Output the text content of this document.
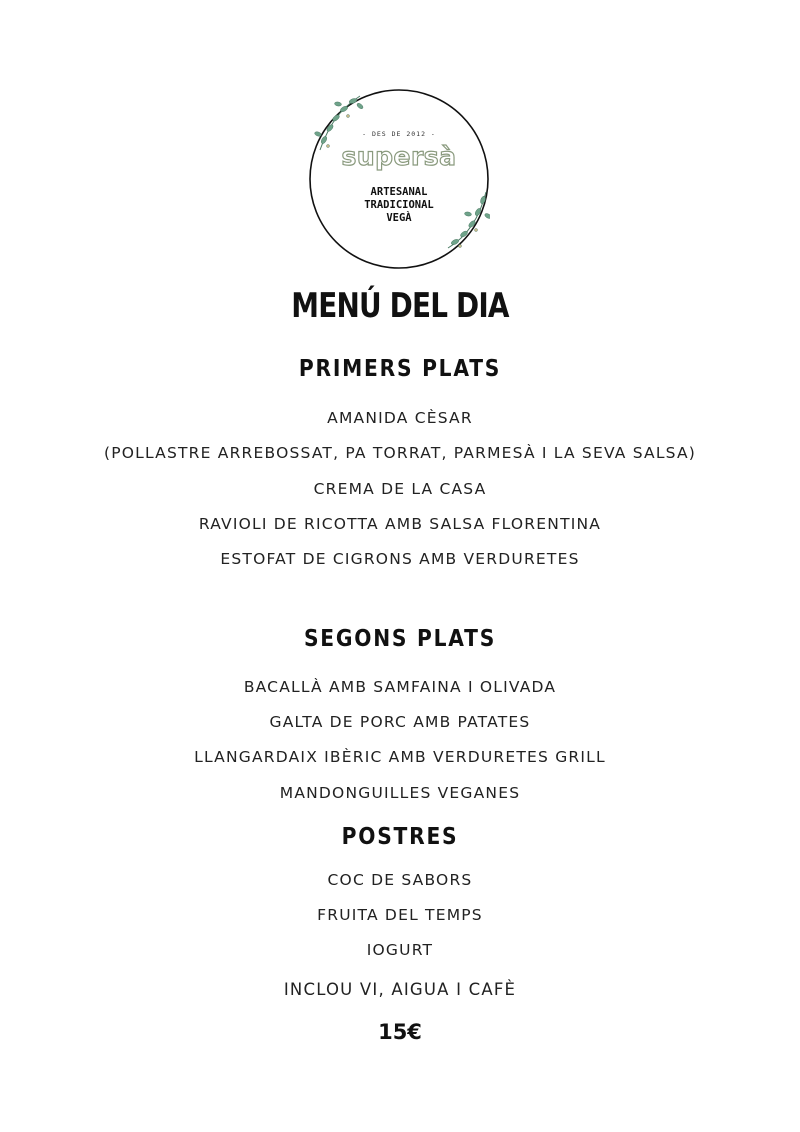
- DES DE 2012 -
supersà
ARTESANAL
TRADICIONAL
VEGÀ
MENÚ DEL DIA
PRIMERS PLATS
AMANIDA CÈSAR
(POLLASTRE ARREBOSSAT, PA TORRAT, PARMESÀ I LA SEVA SALSA)
CREMA DE LA CASA
RAVIOLI DE RICOTTA AMB SALSA FLORENTINA
ESTOFAT DE CIGRONS AMB VERDURETES
SEGONS PLATS
BACALLÀ AMB SAMFAINA I OLIVADA
GALTA DE PORC AMB PATATES
LLANGARDAIX IBÈRIC AMB VERDURETES GRILL
MANDONGUILLES VEGANES
POSTRES
COC DE SABORS
FRUITA DEL TEMPS
IOGURT
INCLOU VI, AIGUA I CAFÈ
15€
